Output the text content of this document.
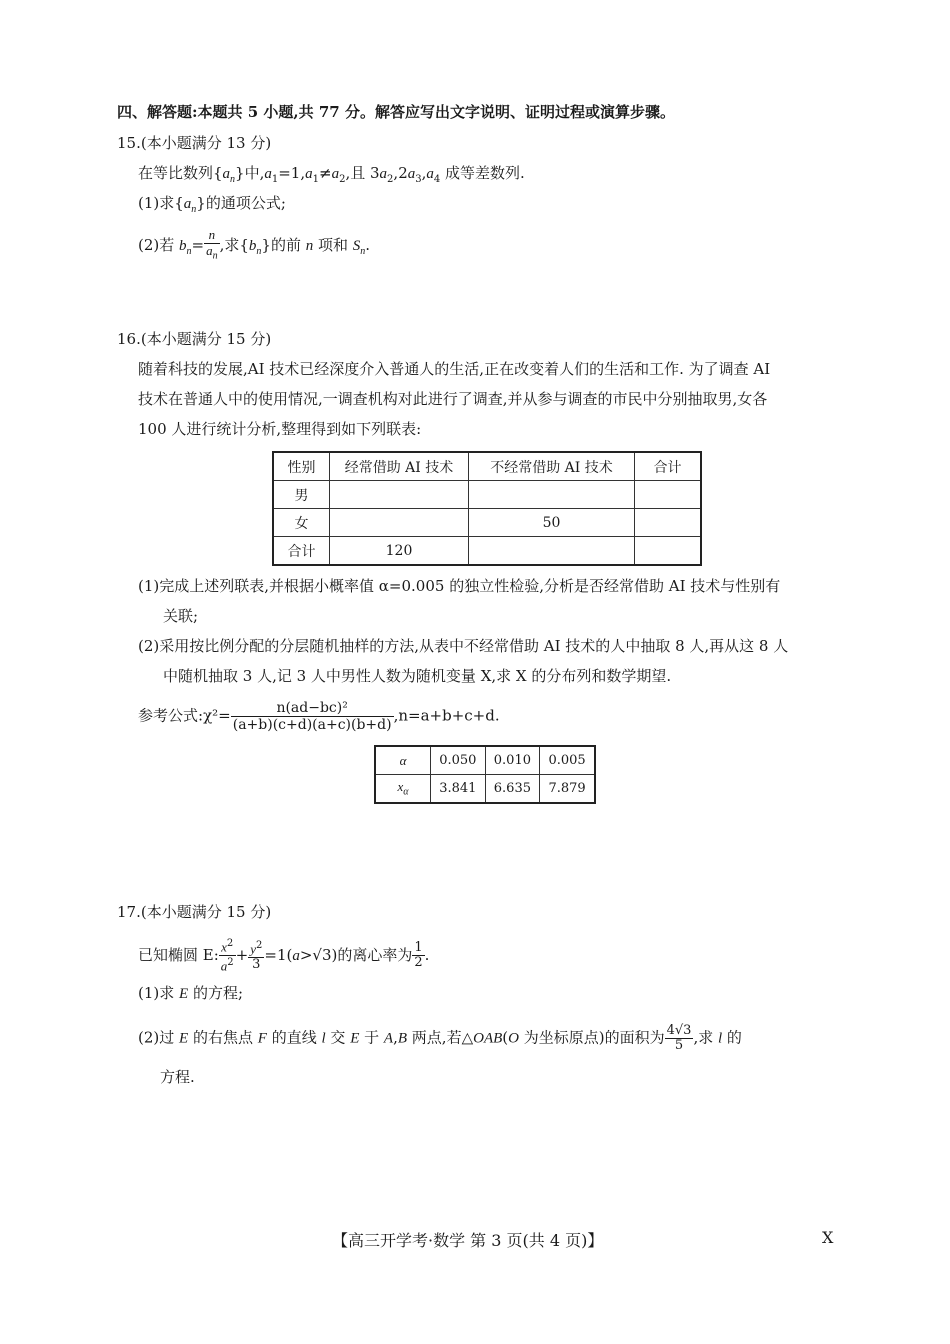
四、解答题:本题共 5 小题,共 77 分。解答应写出文字说明、证明过程或演算步骤。
15.(本小题满分 13 分)
在等比数列$\{a_n\}$中$,a_1=1,a_1\ne a_2$,且 $3a_2,2a_3,a_4$ 成等差数列.
(1)求$\{a_n\}$的通项公式;
(2)若 $b_n= \frac{n}{a_n}$ ,求$\{b_n\}$的前 n 项和 $S_n$.
16.(本小题满分 15 分)
随着科技的发展,AI 技术已经深度介入普通人的生活,正在改变着人们的生活和工作. 为了调查 AI
技术在普通人中的使用情况,一调查机构对此进行了调查,并从参与调查的市民中分别抽取男,女各
100 人进行统计分析,整理得到如下列联表:
性别	经常借助 AI 技术	不经常借助 AI 技术	合计
男			
女		50	
合计	120		
(1)完成上述列联表,并根据小概率值 α=0.005 的独立性检验,分析是否经常借助 AI 技术与性别有
关联;
(2)采用按比例分配的分层随机抽样的方法,从表中不经常借助 AI 技术的人中抽取 8 人,再从这 8 人
中随机抽取 3 人,记 3 人中男性人数为随机变量 X,求 X 的分布列和数学期望.
参考公式:χ²= $\frac{\text{n(ad−bc)²}}{(a+b)(c+d)(a+c)(b+d)} ,n=a+b+c+d$.
α	0.050	0.010	0.005
$x_\alpha$	3.841	6.635	7.879
17.(本小题满分 15 分)
已知椭圆 E: $\frac{x^2}{a^2} + \frac{y^2}{3} =1(a>√3)$的离心率为 $\frac{1}{2}$ .
(1)求 E 的方程;
(2)过 E 的右焦点 F 的直线 l 交 E 于 A,B 两点,若△OAB(O 为坐标原点)的面积为 $\frac{4√3}{5}$ ,求 l 的
方程.
【高三开学考·数学 第 3 页(共 4 页)】	X
